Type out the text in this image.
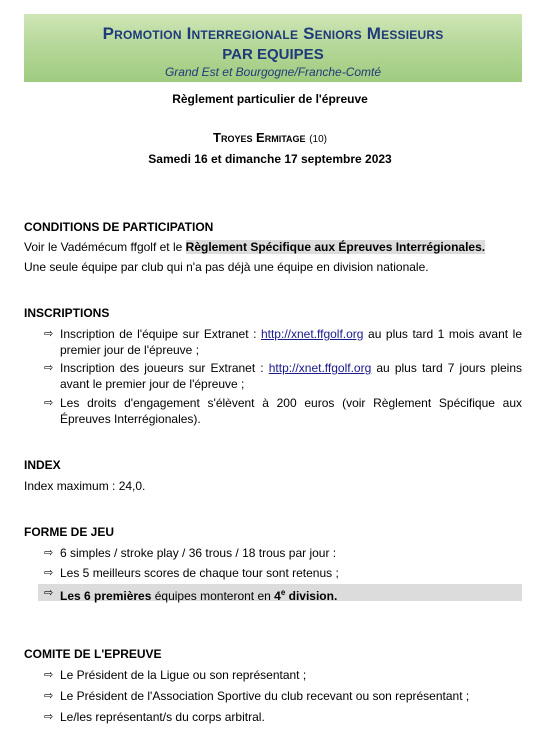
Promotion Interregionale Seniors Messieurs
PAR EQUIPES
Grand Est et Bourgogne/Franche-Comté
Règlement particulier de l'épreuve
Troyes Ermitage (10)
Samedi 16 et dimanche 17 septembre 2023
CONDITIONS DE PARTICIPATION
Voir le Vadémécum ffgolf et le Règlement Spécifique aux Épreuves Interrégionales.
Une seule équipe par club qui n'a pas déjà une équipe en division nationale.
INSCRIPTIONS
⇨ Inscription de l'équipe sur Extranet : http://xnet.ffgolf.org au plus tard 1 mois avant le premier jour de l'épreuve ;
⇨ Inscription des joueurs sur Extranet : http://xnet.ffgolf.org au plus tard 7 jours pleins avant le premier jour de l'épreuve ;
⇨ Les droits d'engagement s'élèvent à 200 euros (voir Règlement Spécifique aux Épreuves Interrégionales).
INDEX
Index maximum : 24,0.
FORME DE JEU
⇨ 6 simples / stroke play / 36 trous / 18 trous par jour :
⇨ Les 5 meilleurs scores de chaque tour sont retenus ;
⇨ Les 6 premières équipes monteront en 4e division.
COMITE DE L'EPREUVE
⇨ Le Président de la Ligue ou son représentant ;
⇨ Le Président de l'Association Sportive du club recevant ou son représentant ;
⇨ Le/les représentant/s du corps arbitral.
